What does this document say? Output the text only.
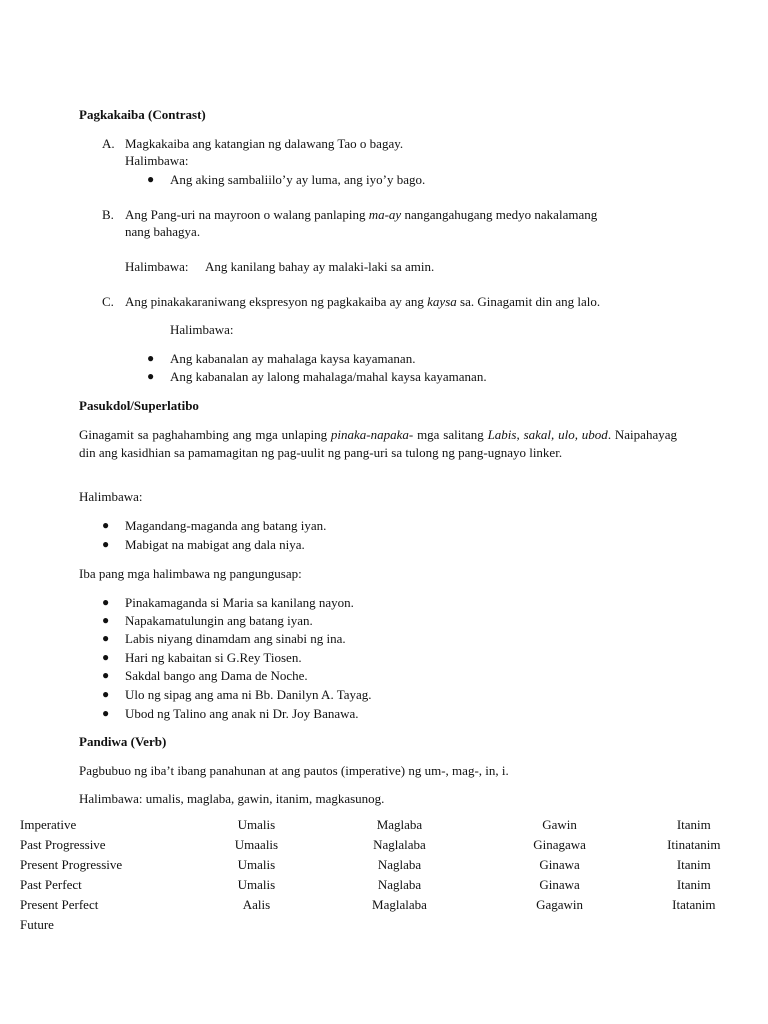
Pagkakaiba (Contrast)
A. Magkakaiba ang katangian ng dalawang Tao o bagay.
Halimbawa:
● Ang aking sambaliilo’y ay luma, ang iyo’y bago.
B. Ang Pang-uri na mayroon o walang panlaping ma-ay nangangahugang medyo nakalamang
nang bahagya.
Halimbawa: Ang kanilang bahay ay malaki-laki sa amin.
C. Ang pinakakaraniwang ekspresyon ng pagkakaiba ay ang kaysa sa. Ginagamit din ang lalo.
Halimbawa:
● Ang kabanalan ay mahalaga kaysa kayamanan.
● Ang kabanalan ay lalong mahalaga/mahal kaysa kayamanan.
Pasukdol/Superlatibo
Ginagamit sa paghahambing ang mga unlaping pinaka-napaka- mga salitang Labis, sakal, ulo, ubod. Naipahayag din ang kasidhian sa pamamagitan ng pag-uulit ng pang-uri sa tulong ng pang-ugnayo linker.
Halimbawa:
● Magandang-maganda ang batang iyan.
● Mabigat na mabigat ang dala niya.
Iba pang mga halimbawa ng pangungusap:
● Pinakamaganda si Maria sa kanilang nayon.
● Napakamatulungin ang batang iyan.
● Labis niyang dinamdam ang sinabi ng ina.
● Hari ng kabaitan si G.Rey Tiosen.
● Sakdal bango ang Dama de Noche.
● Ulo ng sipag ang ama ni Bb. Danilyn A. Tayag.
● Ubod ng Talino ang anak ni Dr. Joy Banawa.
Pandiwa (Verb)
Pagbubuo ng iba’t ibang panahunan at ang pautos (imperative) ng um-, mag-, in, i.
Halimbawa: umalis, maglaba, gawin, itanim, magkasunog.
Imperative	Umalis	Maglaba	Gawin	Itanim
Past Progressive	Umaalis	Naglalaba	Ginagawa	Itinatanim
Present Progressive	Umalis	Naglaba	Ginawa	Itanim
Past Perfect	Umalis	Naglaba	Ginawa	Itanim
Present Perfect	Aalis	Maglalaba	Gagawin	Itatanim
Future				
